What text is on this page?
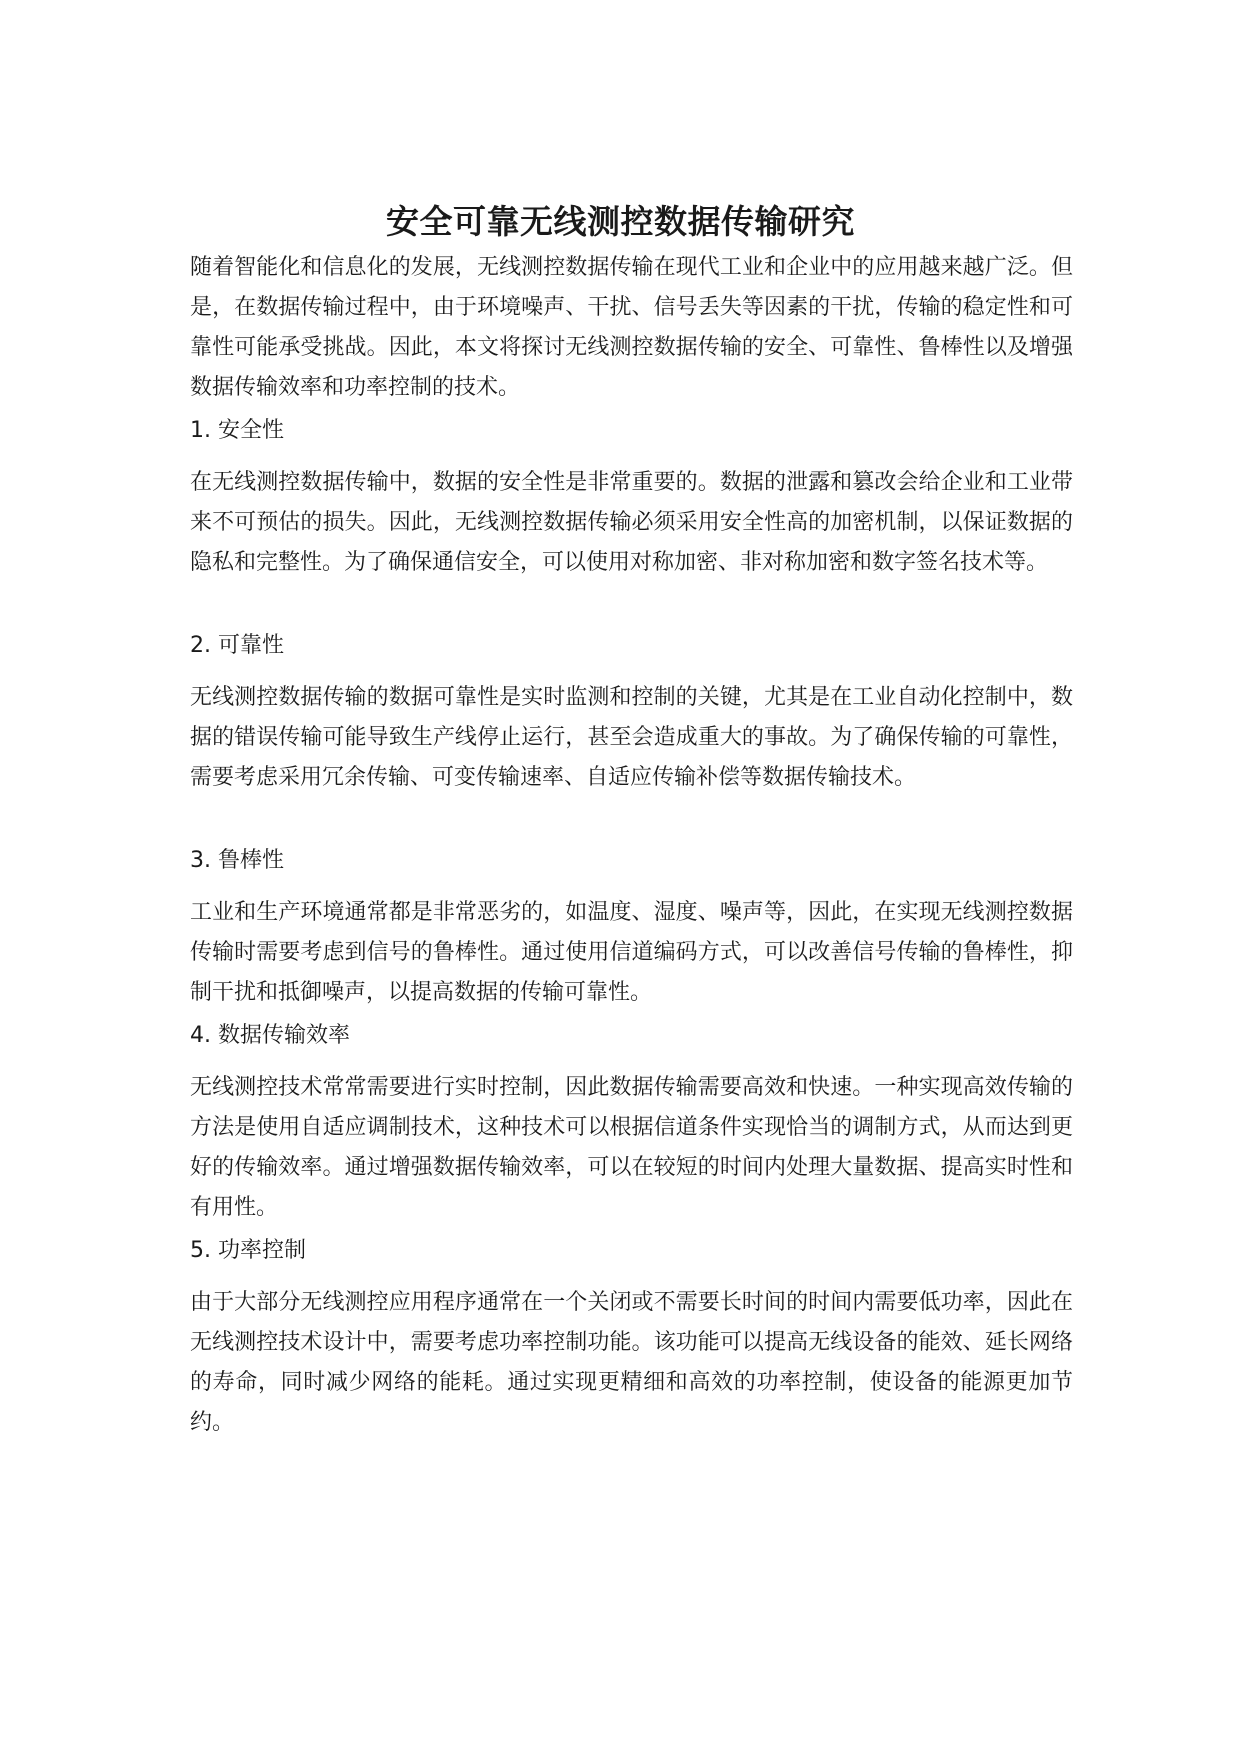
安全可靠无线测控数据传输研究

随着智能化和信息化的发展，无线测控数据传输在现代工业和企业中的应用越来越广泛。但是，在数据传输过程中，由于环境噪声、干扰、信号丢失等因素的干扰，传输的稳定性和可靠性可能承受挑战。因此，本文将探讨无线测控数据传输的安全、可靠性、鲁棒性以及增强数据传输效率和功率控制的技术。

1. 安全性

在无线测控数据传输中，数据的安全性是非常重要的。数据的泄露和篡改会给企业和工业带来不可预估的损失。因此，无线测控数据传输必须采用安全性高的加密机制，以保证数据的隐私和完整性。为了确保通信安全，可以使用对称加密、非对称加密和数字签名技术等。

2. 可靠性

无线测控数据传输的数据可靠性是实时监测和控制的关键，尤其是在工业自动化控制中，数据的错误传输可能导致生产线停止运行，甚至会造成重大的事故。为了确保传输的可靠性，需要考虑采用冗余传输、可变传输速率、自适应传输补偿等数据传输技术。

3. 鲁棒性

工业和生产环境通常都是非常恶劣的，如温度、湿度、噪声等，因此，在实现无线测控数据传输时需要考虑到信号的鲁棒性。通过使用信道编码方式，可以改善信号传输的鲁棒性，抑制干扰和抵御噪声，以提高数据的传输可靠性。

4. 数据传输效率

无线测控技术常常需要进行实时控制，因此数据传输需要高效和快速。一种实现高效传输的方法是使用自适应调制技术，这种技术可以根据信道条件实现恰当的调制方式，从而达到更好的传输效率。通过增强数据传输效率，可以在较短的时间内处理大量数据、提高实时性和有用性。

5. 功率控制

由于大部分无线测控应用程序通常在一个关闭或不需要长时间的时间内需要低功率，因此在无线测控技术设计中，需要考虑功率控制功能。该功能可以提高无线设备的能效、延长网络的寿命，同时减少网络的能耗。通过实现更精细和高效的功率控制，使设备的能源更加节约。
